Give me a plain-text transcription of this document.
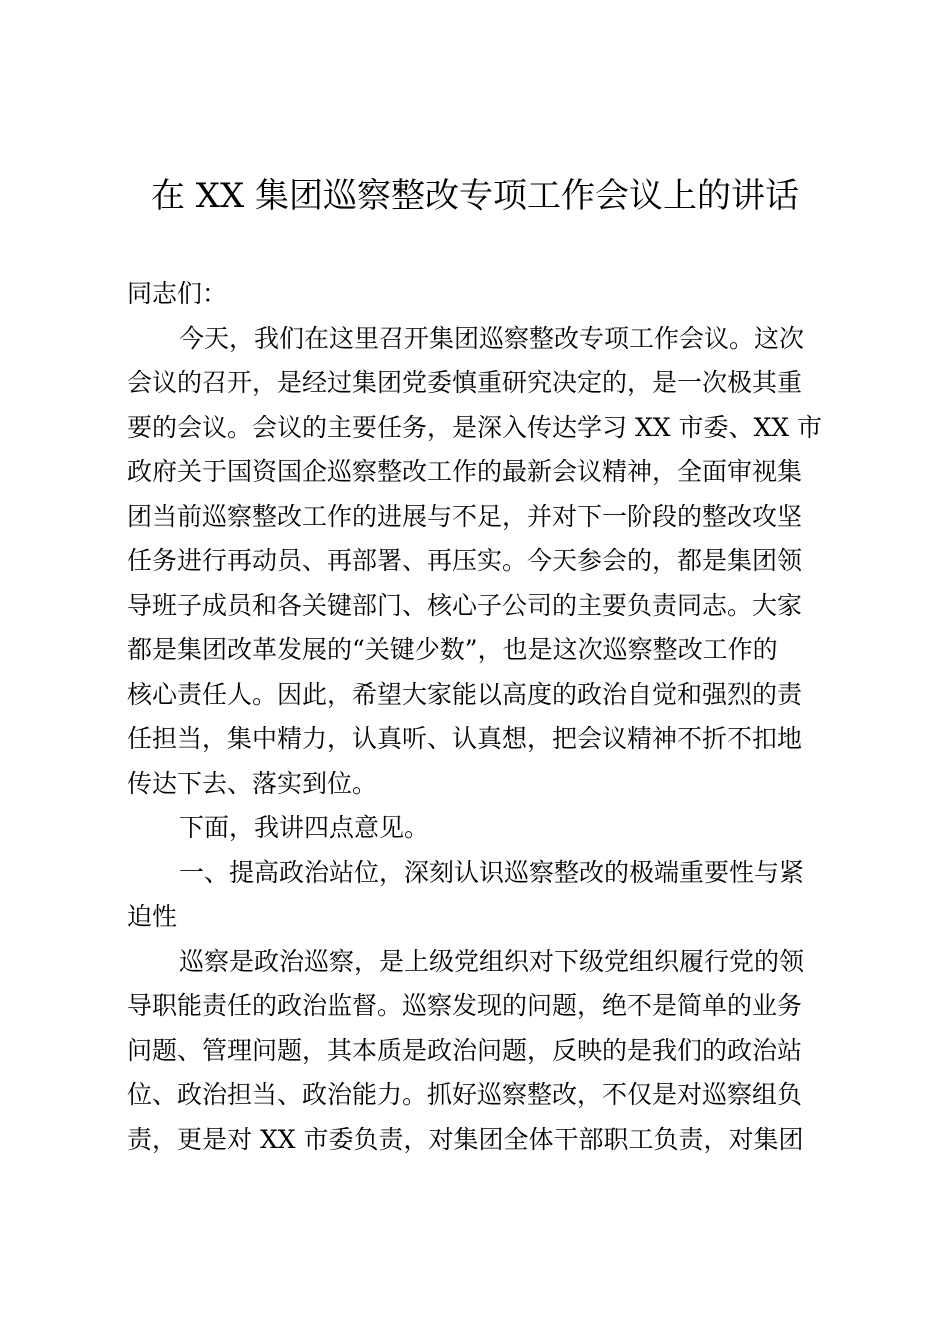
在 XX 集团巡察整改专项工作会议上的讲话
同志们：
今天，我们在这里召开集团巡察整改专项工作会议。这次
会议的召开，是经过集团党委慎重研究决定的，是一次极其重
要的会议。会议的主要任务，是深入传达学习 XX 市委、XX 市
政府关于国资国企巡察整改工作的最新会议精神，全面审视集
团当前巡察整改工作的进展与不足，并对下一阶段的整改攻坚
任务进行再动员、再部署、再压实。今天参会的，都是集团领
导班子成员和各关键部门、核心子公司的主要负责同志。大家
都是集团改革发展的“关键少数”，也是这次巡察整改工作的
核心责任人。因此，希望大家能以高度的政治自觉和强烈的责
任担当，集中精力，认真听、认真想，把会议精神不折不扣地
传达下去、落实到位。
下面，我讲四点意见。
一、提高政治站位，深刻认识巡察整改的极端重要性与紧
迫性
巡察是政治巡察，是上级党组织对下级党组织履行党的领
导职能责任的政治监督。巡察发现的问题，绝不是简单的业务
问题、管理问题，其本质是政治问题，反映的是我们的政治站
位、政治担当、政治能力。抓好巡察整改，不仅是对巡察组负
责，更是对 XX 市委负责，对集团全体干部职工负责，对集团
